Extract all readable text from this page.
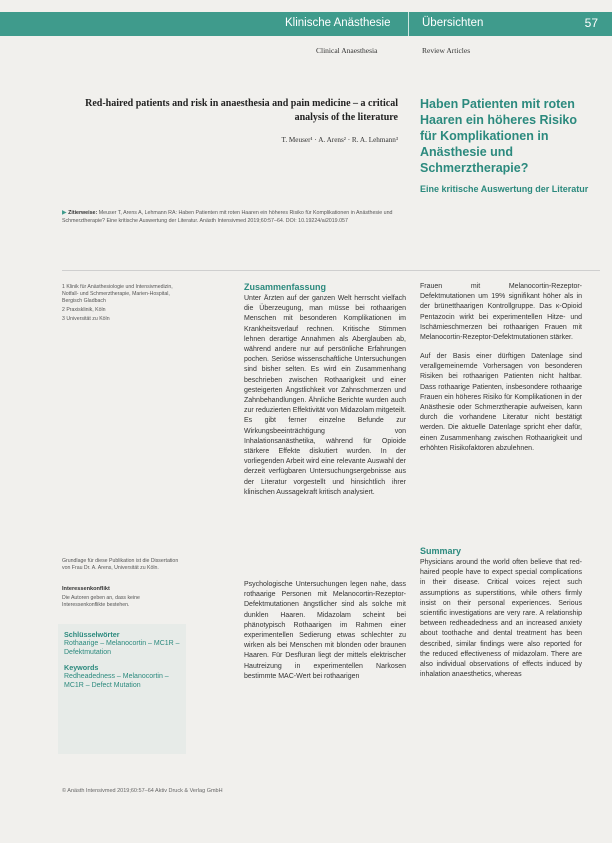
Klinische Anästhesie	Übersichten	57
Clinical Anaesthesia	Review Articles
Red-haired patients and risk in anaesthesia and pain medicine – a critical analysis of the literature
T. Meuser¹ · A. Arens² · R. A. Lehmann³
Haben Patienten mit roten Haaren ein höheres Risiko für Komplikationen in Anästhesie und Schmerztherapie?
Eine kritische Auswertung der Literatur
▶ Zitierweise: Meuser T, Arens A, Lehmann RA: Haben Patienten mit roten Haaren ein höheres Risiko für Komplikationen in Anästhesie und Schmerztherapie? Eine kritische Auswertung der Literatur. Anästh Intensivmed 2019;60:57–64. DOI: 10.19224/ai2019.057
1 Klinik für Anästhesiologie und Intensivmedizin, Notfall- und Schmerztherapie, Marien-Hospital, Bergisch Gladbach
2 Praxisklinik, Köln
3 Universität zu Köln
Grundlage für diese Publikation ist die Dissertation von Frau Dr. A. Arens, Universität zu Köln.
Interessenkonflikt
Die Autoren geben an, dass keine Interessenkonflikte bestehen.
Schlüsselwörter
Rothaarige – Melanocortin – MC1R – Defektmutation
Keywords
Redheadedness – Melanocortin – MC1R – Defect Mutation
Zusammenfassung
Unter Ärzten auf der ganzen Welt herrscht vielfach die Überzeugung, man müsse bei rothaarigen Menschen mit besonderen Komplikationen im Krankheitsverlauf rechnen. Kritische Stimmen lehnen derartige Annahmen als Aberglauben ab, während andere nur auf persönliche Erfahrungen pochen. Seriöse wissenschaftliche Untersuchungen sind bisher selten. Es wird ein Zusammenhang beschrieben zwischen Rothaarigkeit und einer gesteigerten Ängstlichkeit vor Zahnschmerzen und Zahnbehandlungen. Ähnliche Berichte wurden auch zur reduzierten Effektivität von Midazolam mitgeteilt. Es gibt ferner einzelne Befunde zur Wirkungsbeeinträchtigung von Inhalationsanästhetika, während für Opioide stärkere Effekte diskutiert wurden. In der vorliegenden Arbeit wird eine relevante Auswahl der derzeit verfügbaren Untersuchungsergebnisse aus der Literatur vorgestellt und hinsichtlich ihrer klinischen Aussagekraft kritisch analysiert.
Psychologische Untersuchungen legen nahe, dass rothaarige Personen mit Melanocortin-Rezeptor-Defektmutationen ängstlicher sind als solche mit dunklen Haaren. Midazolam scheint bei phänotypisch Rothaarigen im Rahmen einer experimentellen Sedierung etwas schlechter zu wirken als bei Menschen mit blonden oder braunen Haaren. Für Desfluran liegt der mittels elektrischer Hautreizung in experimentellen Narkosen bestimmte MAC-Wert bei rothaarigen
Frauen mit Melanocortin-Rezeptor-Defektmutationen um 19% signifikant höher als in der brünetthaarigen Kontrollgruppe. Das κ-Opioid Pentazocin wirkt bei experimentellen Hitze- und Ischämieschmerzen bei rothaarigen Frauen mit Melanocortin-Rezeptor-Defektmutationen stärker.
Auf der Basis einer dürftigen Datenlage sind verallgemeinernde Vorhersagen von besonderen Risiken bei rothaarigen Patienten nicht haltbar. Dass rothaarige Patienten, insbesondere rothaarige Frauen ein höheres Risiko für Komplikationen in der Anästhesie oder Schmerztherapie aufweisen, kann durch die vorhandene Literatur nicht bestätigt werden. Die aktuelle Datenlage spricht eher dafür, einen Zusammenhang zwischen Rothaarigkeit und erhöhten Risikofaktoren abzulehnen.
Summary
Physicians around the world often believe that red-haired people have to expect special complications in their disease. Critical voices reject such assumptions as superstitions, while others firmly insist on their personal experiences. Serious scientific investigations are very rare. A relationship between redheadedness and an increased anxiety about toothache and dental treatment has been described, similar findings were also reported for the reduced effectiveness of midazolam. There are also individual observations of effects induced by inhalation anaesthetics, whereas
© Anästh Intensivmed 2019;60:57–64 Aktiv Druck & Verlag GmbH
